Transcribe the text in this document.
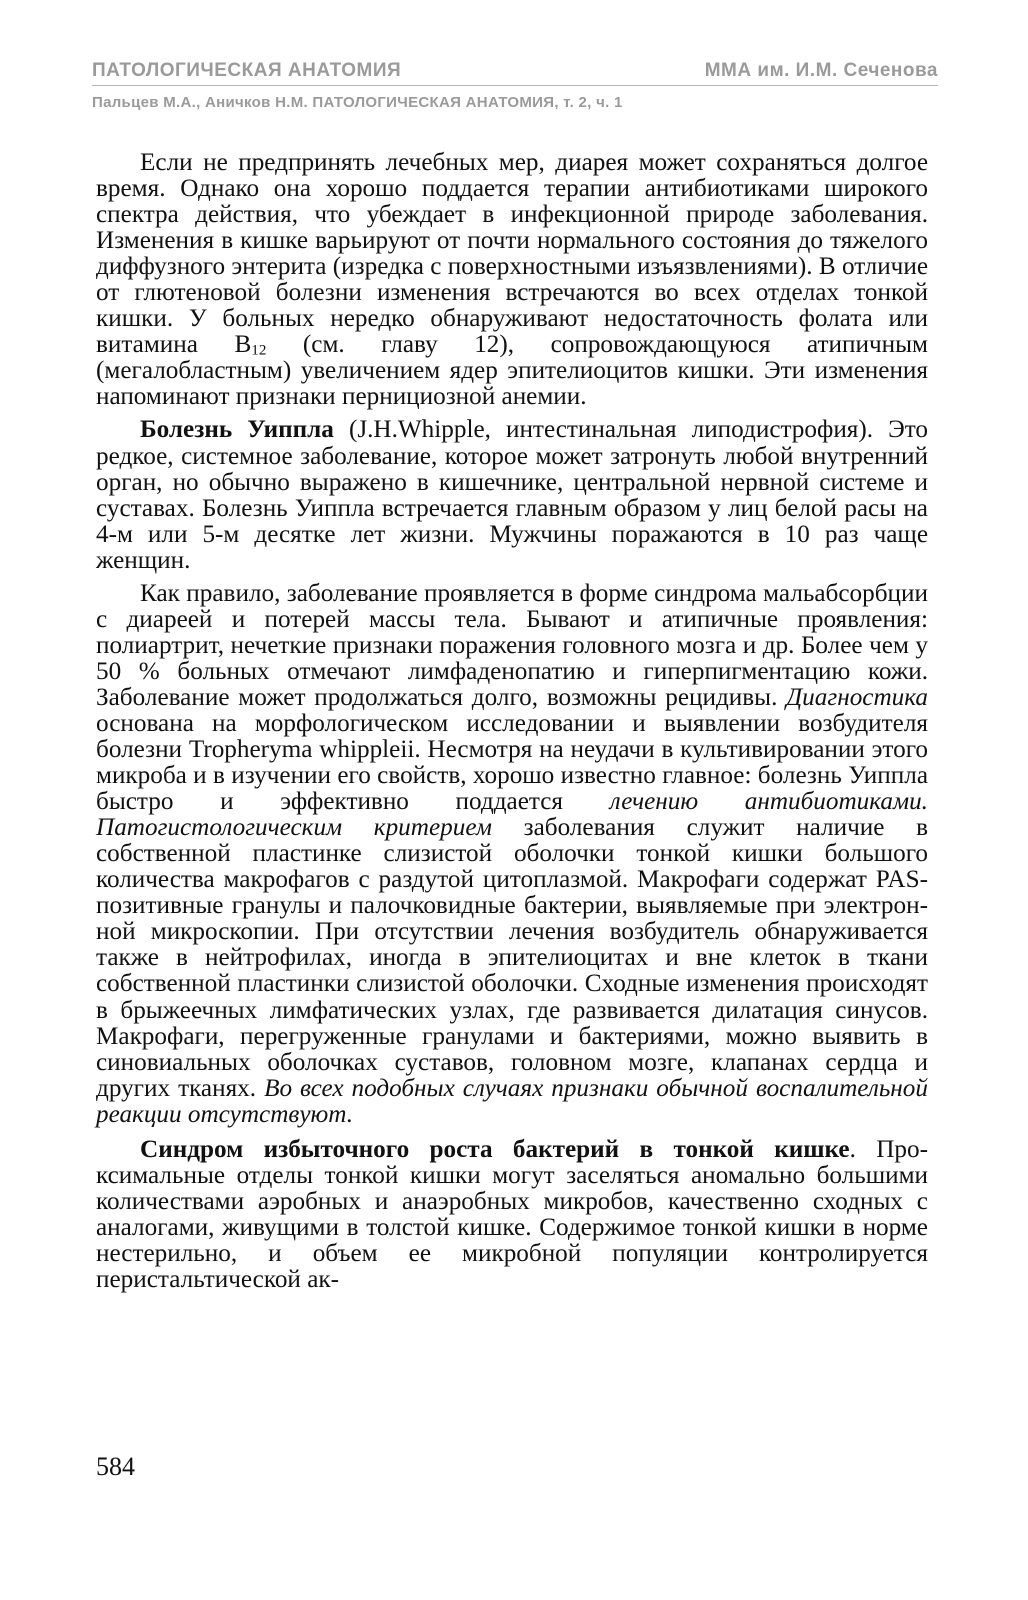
ПАТОЛОГИЧЕСКАЯ АНАТОМИЯ	ММА им. И.М. Сеченова
Пальцев М.А., Аничков Н.М. ПАТОЛОГИЧЕСКАЯ АНАТОМИЯ, т. 2, ч. 1

Если не предпринять лечебных мер, диарея может сохраняться долгое время. Однако она хорошо поддается терапии антибиотиками широкого спектра действия, что убеждает в инфекционной природе заболевания. Изменения в кишке варьируют от почти нормального состояния до тяжелого диффузного энтерита (изредка с поверхностными изъязвлениями). В отличие от глютеновой болезни изменения встречаются во всех отделах тонкой кишки. У больных нередко обнаруживают недостаточность фолата или витамина $В_{12}$ (см. главу 12), сопровождающуюся атипичным (мегалобластным) увеличением ядер эпителиоцитов кишки. Эти изменения напоминают признаки пернициозной анемии.

Болезнь Уиппла (J.H.Whipple, интестинальная липодистрофия). Это редкое, системное заболевание, которое может затронуть любой внутренний орган, но обычно выражено в кишечнике, центральной нервной системе и суставах. Болезнь Уиппла встречается главным образом у лиц белой расы на 4-м или 5-м десятке лет жизни. Мужчины поражаются в 10 раз чаще женщин.

Как правило, заболевание проявляется в форме синдрома мальабсорбции с диареей и потерей массы тела. Бывают и атипичные проявления: полиартрит, нечеткие признаки поражения головного мозга и др. Более чем у 50 % больных отмечают лимфаденопатию и гиперпигментацию кожи. Заболевание может продолжаться долго, возможны рецидивы. Диагностика основана на морфологическом исследовании и выявлении возбудителя болезни Tropheryma whippleii. Несмотря на неудачи в культивировании этого микроба и в изучении его свойств, хорошо известно главное: болезнь Уиппла быстро и эффективно поддается лечению антибиотиками. Патогистологическим критерием заболевания служит наличие в собственной пластинке слизистой оболочки тонкой кишки большого количества макрофагов с раздутой цитоплазмой. Макрофаги содержат PAS-позитивные гранулы и палочковидные бактерии, выявляемые при электронной микроскопии. При отсутствии лечения возбудитель обнаруживается также в нейтрофилах, иногда в эпителиоцитах и вне клеток в ткани собственной пластинки слизистой оболочки. Сходные изменения происходят в брыжеечных лимфатических узлах, где развивается дилатация синусов. Макрофаги, перегруженные гранулами и бактериями, можно выявить в синовиальных оболочках суставов, головном мозге, клапанах сердца и других тканях. Во всех подобных случаях признаки обычной воспалительной реакции отсутствуют.

Синдром избыточного роста бактерий в тонкой кишке. Проксимальные отделы тонкой кишки могут заселяться аномально большими количествами аэробных и анаэробных микробов, качественно сходных с аналогами, живущими в толстой кишке. Содержимое тонкой кишки в норме нестерильно, и объем ее микробной популяции контролируется перистальтической ак-

584
